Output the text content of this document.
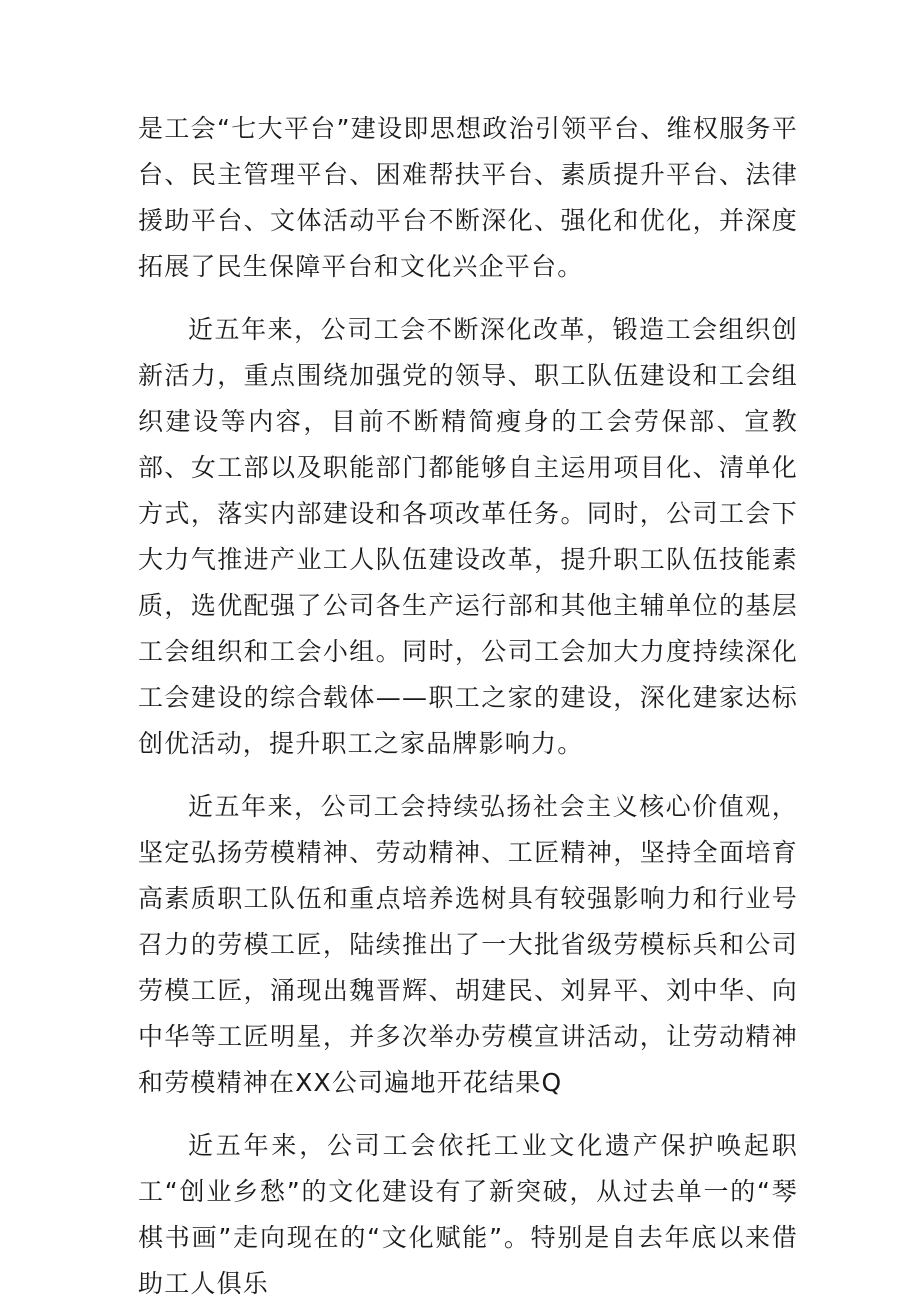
是工会“七大平台”建设即思想政治引领平台、维权服务平台、民主管理平台、困难帮扶平台、素质提升平台、法律援助平台、文体活动平台不断深化、强化和优化，并深度拓展了民生保障平台和文化兴企平台。

近五年来，公司工会不断深化改革，锻造工会组织创新活力，重点围绕加强党的领导、职工队伍建设和工会组织建设等内容，目前不断精简瘦身的工会劳保部、宣教部、女工部以及职能部门都能够自主运用项目化、清单化方式，落实内部建设和各项改革任务。同时，公司工会下大力气推进产业工人队伍建设改革，提升职工队伍技能素质，选优配强了公司各生产运行部和其他主辅单位的基层工会组织和工会小组。同时，公司工会加大力度持续深化工会建设的综合载体——职工之家的建设，深化建家达标创优活动，提升职工之家品牌影响力。

近五年来，公司工会持续弘扬社会主义核心价值观，坚定弘扬劳模精神、劳动精神、工匠精神，坚持全面培育高素质职工队伍和重点培养选树具有较强影响力和行业号召力的劳模工匠，陆续推出了一大批省级劳模标兵和公司劳模工匠，涌现出魏晋辉、胡建民、刘昇平、刘中华、向中华等工匠明星，并多次举办劳模宣讲活动，让劳动精神和劳模精神在XX公司遍地开花结果Q

近五年来，公司工会依托工业文化遗产保护唤起职工“创业乡愁”的文化建设有了新突破，从过去单一的“琴棋书画”走向现在的“文化赋能”。特别是自去年底以来借助工人俱乐
